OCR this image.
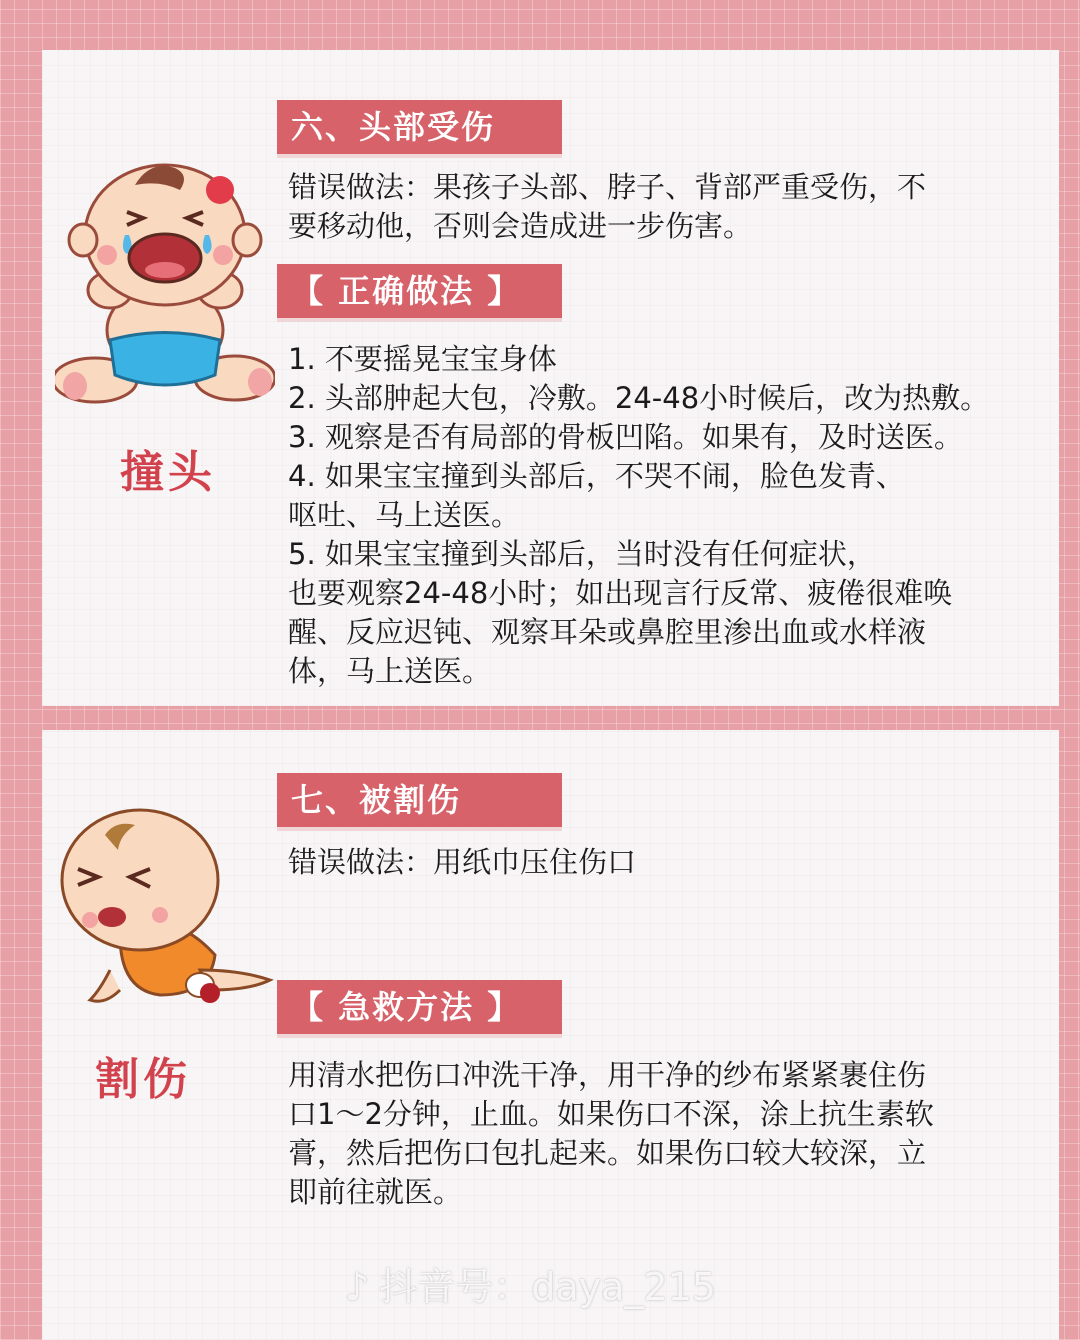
六、头部受伤
错误做法：果孩子头部、脖子、背部严重受伤，不
要移动他，否则会造成进一步伤害。
【 正确做法 】
1. 不要摇晃宝宝身体
2. 头部肿起大包，冷敷。24-48小时候后，改为热敷。
3. 观察是否有局部的骨板凹陷。如果有，及时送医。
4. 如果宝宝撞到头部后，不哭不闹，脸色发青、
呕吐、马上送医。
5. 如果宝宝撞到头部后，当时没有任何症状，
也要观察24-48小时；如出现言行反常、疲倦很难唤
醒、反应迟钝、观察耳朵或鼻腔里渗出血或水样液
体，马上送医。
撞头
七、被割伤
错误做法：用纸巾压住伤口
【 急救方法 】
用清水把伤口冲洗干净，用干净的纱布紧紧裹住伤
口1～2分钟，止血。如果伤口不深，涂上抗生素软
膏，然后把伤口包扎起来。如果伤口较大较深，立
即前往就医。
割伤
♪ 抖音号：daya_215
